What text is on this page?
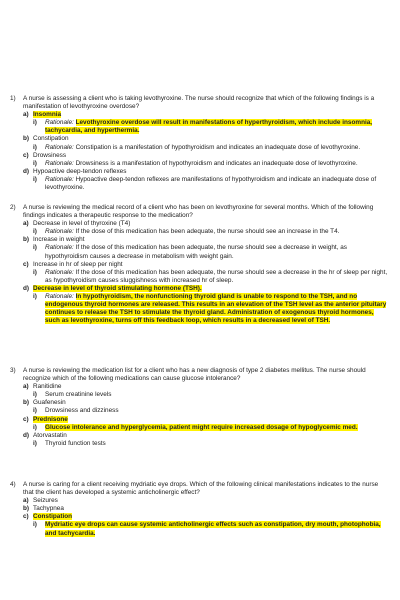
1) A nurse is assessing a client who is taking levothyroxine. The nurse should recognize that which of the following findings is a manifestation of levothyroxine overdose?
a) Insomnia
i) Rationale: Levothyroxine overdose will result in manifestations of hyperthyroidism, which include insomnia, tachycardia, and hyperthermia.
b) Constipation
i) Rationale: Constipation is a manifestation of hypothyroidism and indicates an inadequate dose of levothyroxine.
c) Drowsiness
i) Rationale: Drowsiness is a manifestation of hypothyroidism and indicates an inadequate dose of levothyroxine.
d) Hypoactive deep-tendon reflexes
i) Rationale: Hypoactive deep-tendon reflexes are manifestations of hypothyroidism and indicate an inadequate dose of levothyroxine.
2) A nurse is reviewing the medical record of a client who has been on levothyroxine for several months. Which of the following findings indicates a therapeutic response to the medication?
a) Decrease in level of thyroxine (T4)
i) Rationale: If the dose of this medication has been adequate, the nurse should see an increase in the T4.
b) Increase in weight
i) Rationale: If the dose of this medication has been adequate, the nurse should see a decrease in weight, as hypothyroidism causes a decrease in metabolism with weight gain.
c) Increase in hr of sleep per night
i) Rationale: If the dose of this medication has been adequate, the nurse should see a decrease in the hr of sleep per night, as hypothyroidism causes sluggishness with increased hr of sleep.
d) Decrease in level of thyroid stimulating hormone (TSH).
i) Rationale: In hypothyroidism, the nonfunctioning thyroid gland is unable to respond to the TSH, and no endogenous thyroid hormones are released. This results in an elevation of the TSH level as the anterior pituitary continues to release the TSH to stimulate the thyroid gland. Administration of exogenous thyroid hormones, such as levothyroxine, turns off this feedback loop, which results in a decreased level of TSH.
3) A nurse is reviewing the medication list for a client who has a new diagnosis of type 2 diabetes mellitus. The nurse should recognize which of the following medications can cause glucose intolerance?
a) Ranitidine
i) Serum creatinine levels
b) Guafenesin
i) Drowsiness and dizziness
c) Prednisone
i) Glucose intolerance and hyperglycemia, patient might require increased dosage of hypoglycemic med.
d) Atorvastatin
i) Thyroid function tests
4) A nurse is caring for a client receiving mydriatic eye drops. Which of the following clinical manifestations indicates to the nurse that the client has developed a systemic anticholinergic effect?
a) Seizures
b) Tachypnea
c) Constipation
i) Mydriatic eye drops can cause systemic anticholinergic effects such as constipation, dry mouth, photophobia, and tachycardia.
